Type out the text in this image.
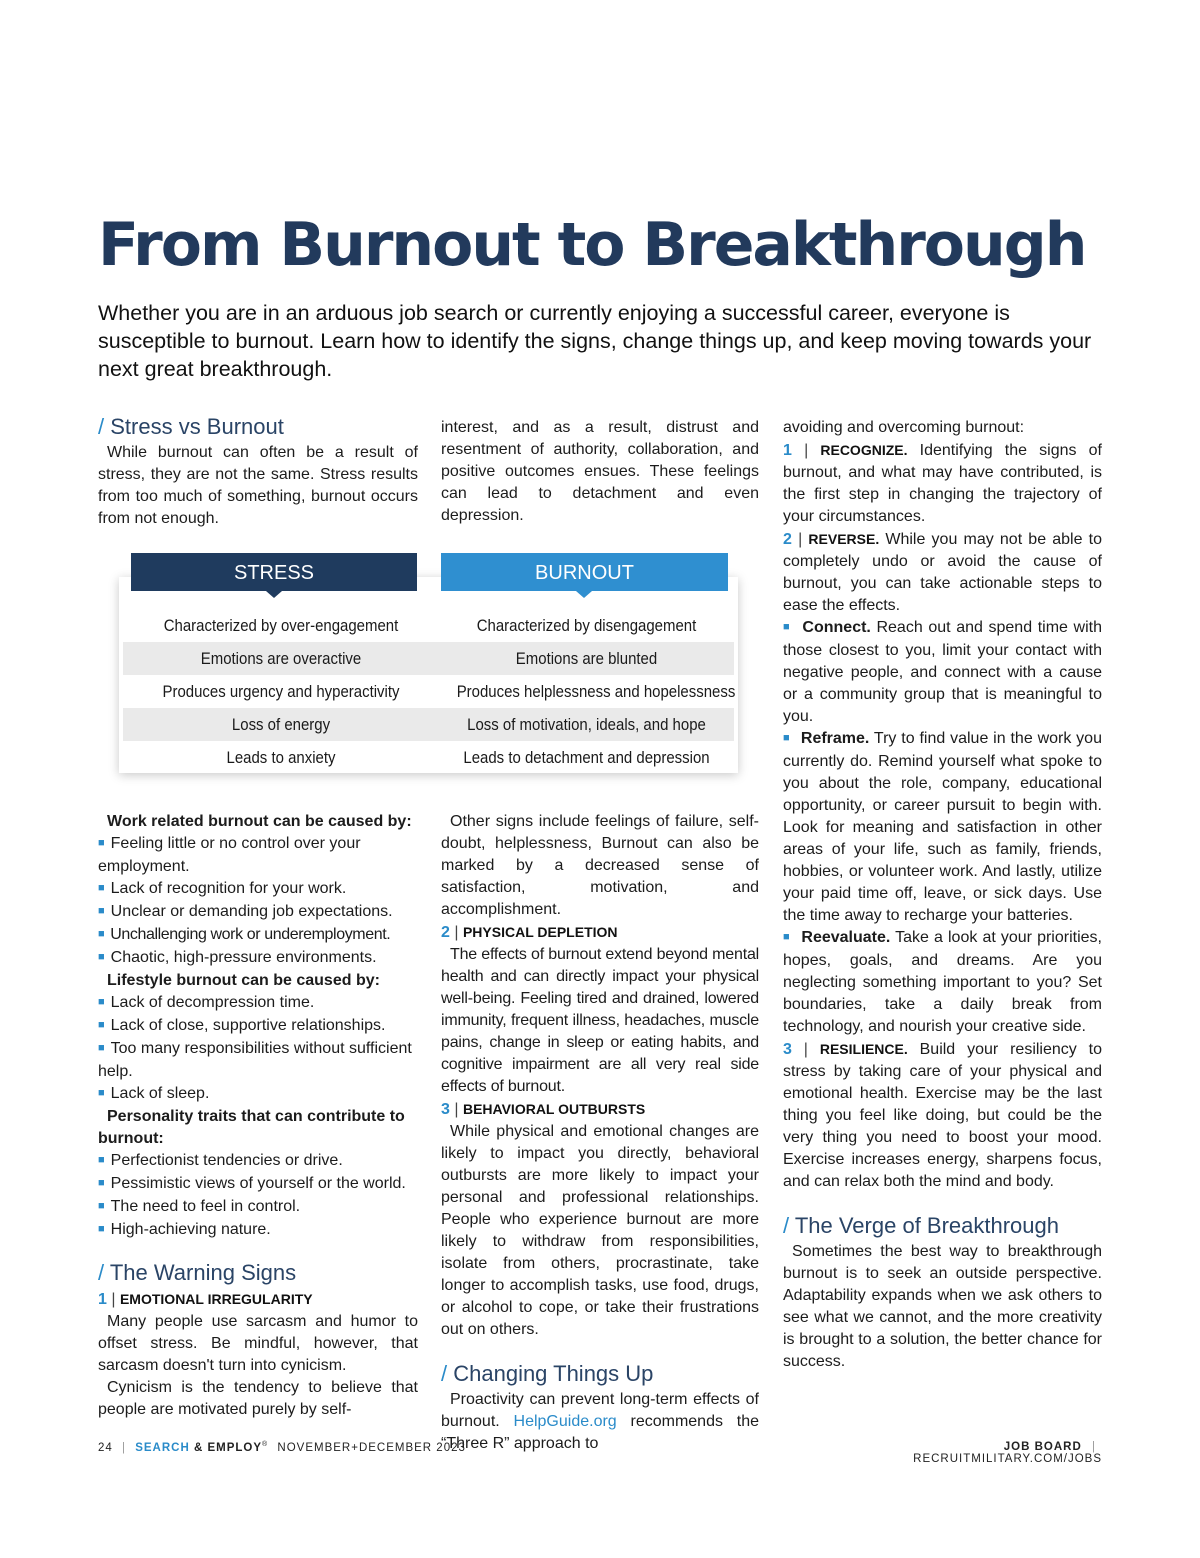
From Burnout to Breakthrough

Whether you are in an arduous job search or currently enjoying a successful career, everyone is susceptible to burnout. Learn how to identify the signs, change things up, and keep moving towards your next great breakthrough.

/ Stress vs Burnout

While burnout can often be a result of stress, they are not the same. Stress results from too much of something, burnout occurs from not enough.

interest, and as a result, distrust and resentment of authority, collaboration, and positive outcomes ensues. These feelings can lead to detachment and even depression.

STRESS	BURNOUT
Characterized by over-engagement	Characterized by disengagement
Emotions are overactive	Emotions are blunted
Produces urgency and hyperactivity	Produces helplessness and hopelessness
Loss of energy	Loss of motivation, ideals, and hope
Leads to anxiety	Leads to detachment and depression

Work related burnout can be caused by:

■ Feeling little or no control over your employment.

■ Lack of recognition for your work.

■ Unclear or demanding job expectations.

■ Unchallenging work or underemployment.

■ Chaotic, high-pressure environments.

Lifestyle burnout can be caused by:

■ Lack of decompression time.

■ Lack of close, supportive relationships.

■ Too many responsibilities without sufficient help.

■ Lack of sleep.

Personality traits that can contribute to burnout:

■ Perfectionist tendencies or drive.

■ Pessimistic views of yourself or the world.

■ The need to feel in control.

■ High-achieving nature.

/ The Warning Signs

1 | EMOTIONAL IRREGULARITY

Many people use sarcasm and humor to offset stress. Be mindful, however, that sarcasm doesn't turn into cynicism.

Cynicism is the tendency to believe that people are motivated purely by self-

Other signs include feelings of failure, self-doubt, helplessness, Burnout can also be marked by a decreased sense of satisfaction, motivation, and accomplishment.

2 | PHYSICAL DEPLETION

The effects of burnout extend beyond mental health and can directly impact your physical well-being. Feeling tired and drained, lowered immunity, frequent illness, headaches, muscle pains, change in sleep or eating habits, and cognitive impairment are all very real side effects of burnout.

3 | BEHAVIORAL OUTBURSTS

While physical and emotional changes are likely to impact you directly, behavioral outbursts are more likely to impact your personal and professional relationships. People who experience burnout are more likely to withdraw from responsibilities, isolate from others, procrastinate, take longer to accomplish tasks, use food, drugs, or alcohol to cope, or take their frustrations out on others.

/ Changing Things Up

Proactivity can prevent long-term effects of burnout. HelpGuide.org recommends the “Three R” approach to

avoiding and overcoming burnout:

1 | RECOGNIZE. Identifying the signs of burnout, and what may have contributed, is the first step in changing the trajectory of your circumstances.

2 | REVERSE. While you may not be able to completely undo or avoid the cause of burnout, you can take actionable steps to ease the effects.

■ Connect. Reach out and spend time with those closest to you, limit your contact with negative people, and connect with a cause or a community group that is meaningful to you.

■ Reframe. Try to find value in the work you currently do. Remind yourself what spoke to you about the role, company, educational opportunity, or career pursuit to begin with. Look for meaning and satisfaction in other areas of your life, such as family, friends, hobbies, or volunteer work. And lastly, utilize your paid time off, leave, or sick days. Use the time away to recharge your batteries.

■ Reevaluate. Take a look at your priorities, hopes, goals, and dreams. Are you neglecting something important to you? Set boundaries, take a daily break from technology, and nourish your creative side.

3 | RESILIENCE. Build your resiliency to stress by taking care of your physical and emotional health. Exercise may be the last thing you feel like doing, but could be the very thing you need to boost your mood. Exercise increases energy, sharpens focus, and can relax both the mind and body.

/ The Verge of Breakthrough

Sometimes the best way to breakthrough burnout is to seek an outside perspective. Adaptability expands when we ask others to see what we cannot, and the more creativity is brought to a solution, the better chance for success.

24 | SEARCH & EMPLOY® NOVEMBER+DECEMBER 2023	JOB BOARD | RECRUITMILITARY.COM/JOBS
